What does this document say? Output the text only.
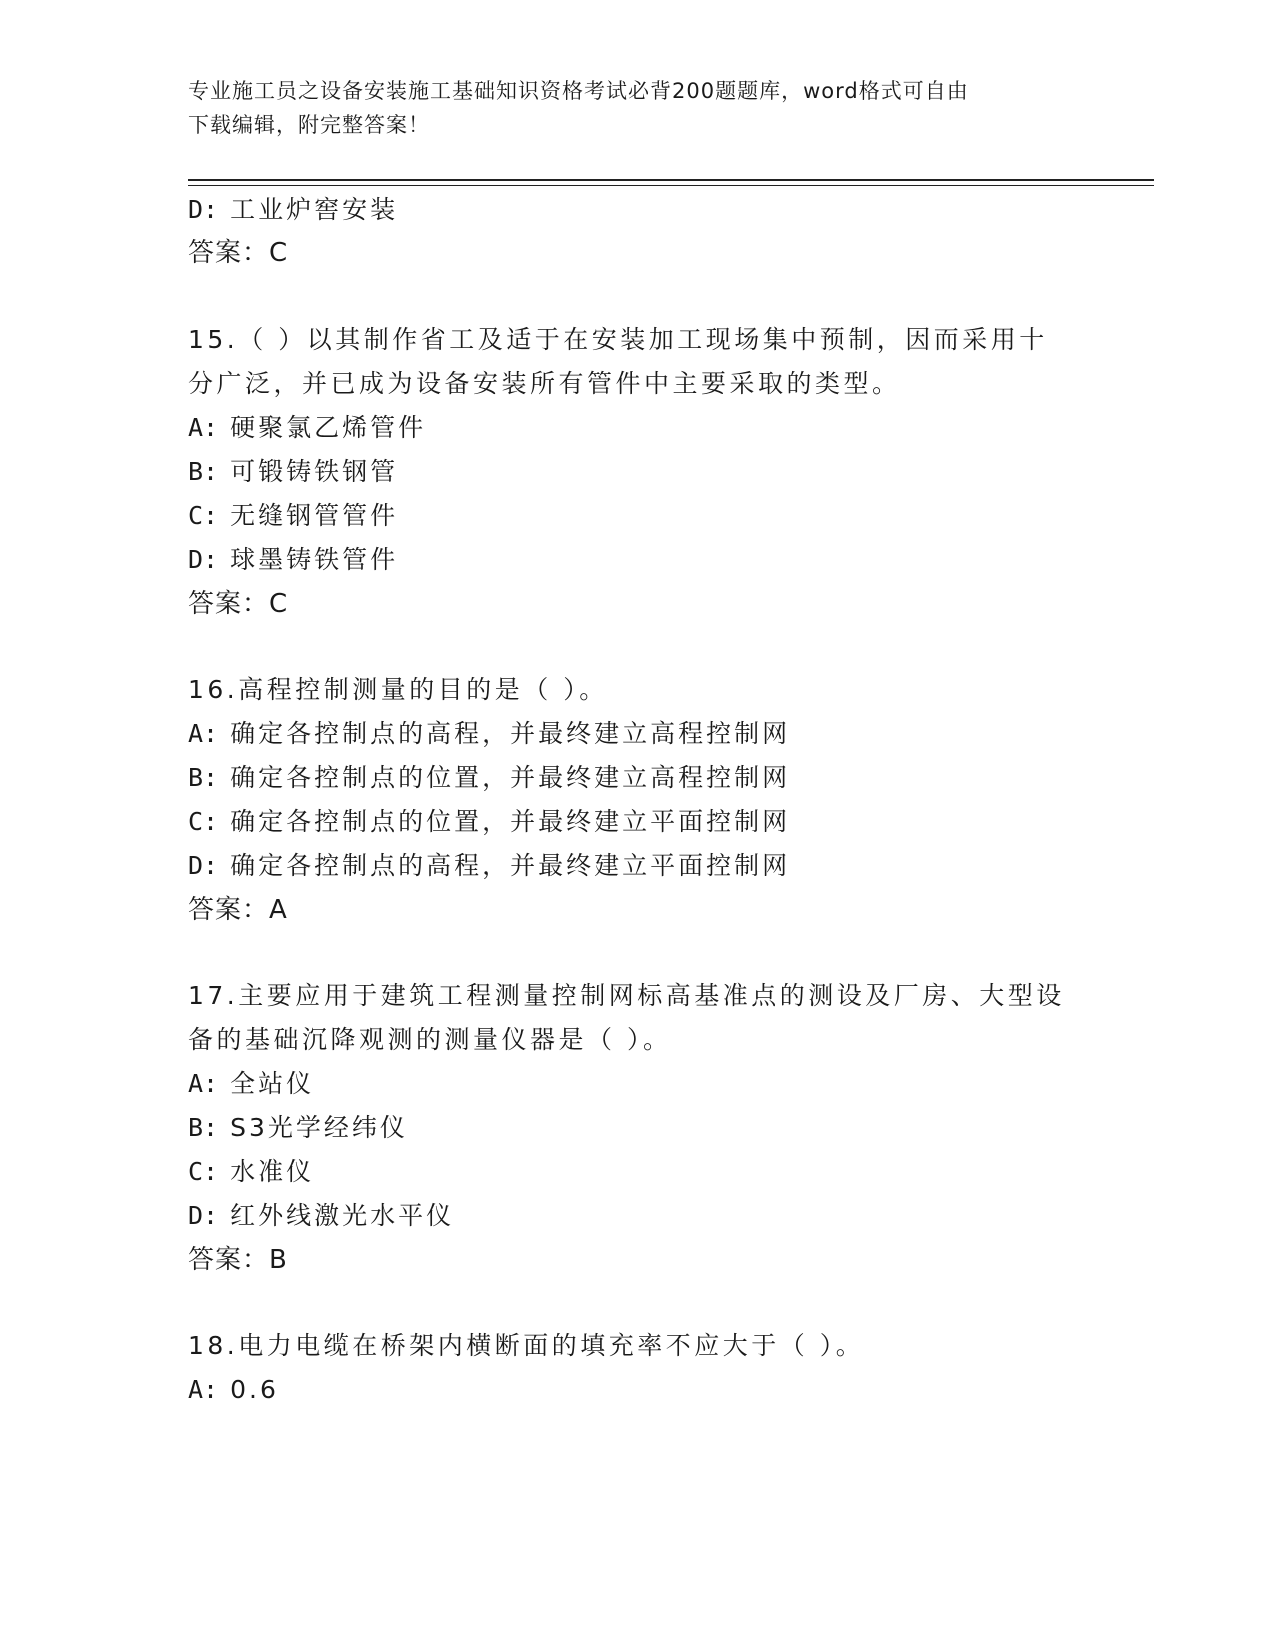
专业施工员之设备安装施工基础知识资格考试必背200题题库，word格式可自由
下载编辑，附完整答案！
D: 工业炉窖安装
答案：C
15.（ ）以其制作省工及适于在安装加工现场集中预制，因而采用十
分广泛，并已成为设备安装所有管件中主要采取的类型。
A: 硬聚氯乙烯管件
B: 可锻铸铁钢管
C: 无缝钢管管件
D: 球墨铸铁管件
答案：C
16.高程控制测量的目的是（ ）。
A: 确定各控制点的高程，并最终建立高程控制网
B: 确定各控制点的位置，并最终建立高程控制网
C: 确定各控制点的位置，并最终建立平面控制网
D: 确定各控制点的高程，并最终建立平面控制网
答案：A
17.主要应用于建筑工程测量控制网标高基准点的测设及厂房、大型设
备的基础沉降观测的测量仪器是（ ）。
A: 全站仪
B: S3光学经纬仪
C: 水准仪
D: 红外线激光水平仪
答案：B
18.电力电缆在桥架内横断面的填充率不应大于（ ）。
A: 0.6
